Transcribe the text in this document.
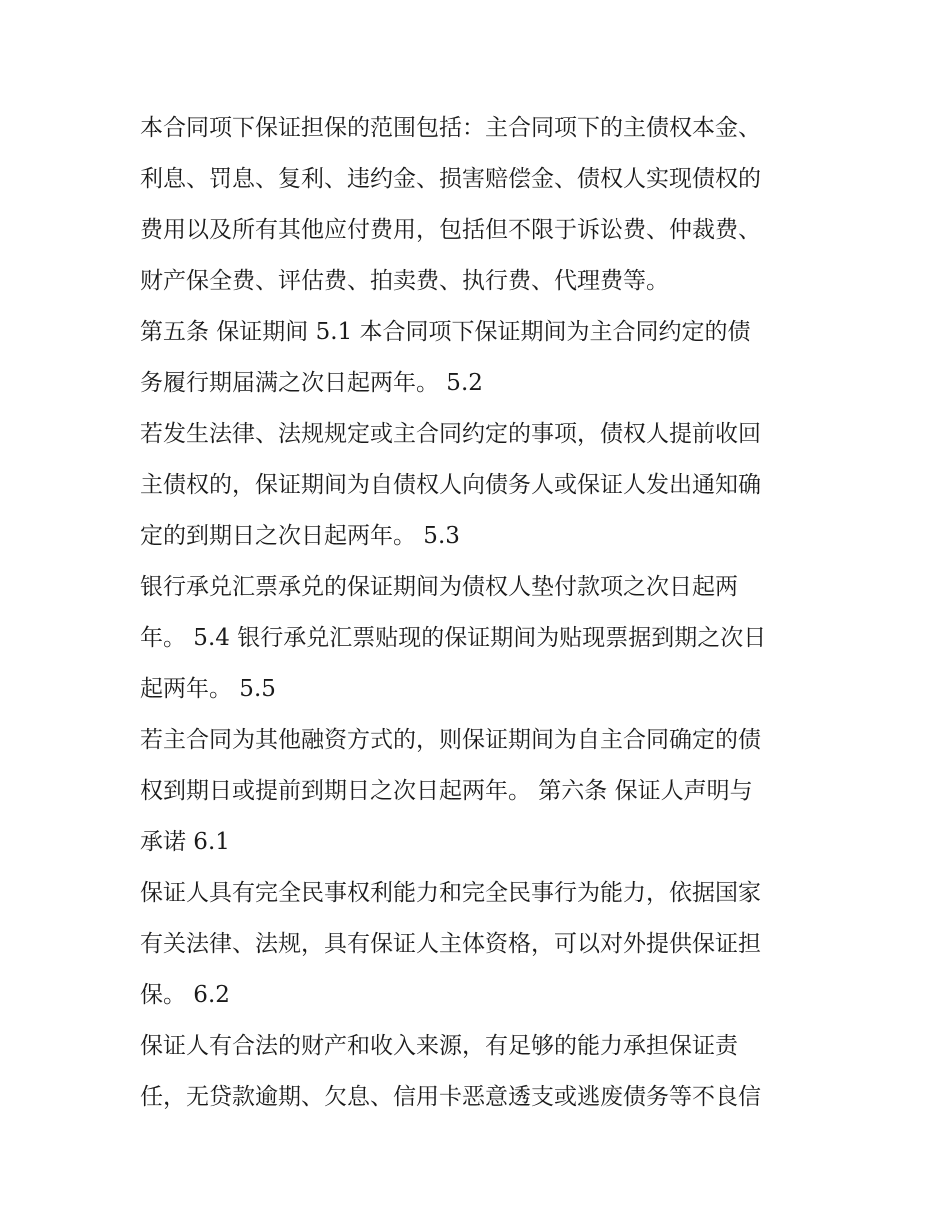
本合同项下保证担保的范围包括：主合同项下的主债权本金、
利息、罚息、复利、违约金、损害赔偿金、债权人实现债权的
费用以及所有其他应付费用，包括但不限于诉讼费、仲裁费、
财产保全费、评估费、拍卖费、执行费、代理费等。
第五条 保证期间 5.1 本合同项下保证期间为主合同约定的债
务履行期届满之次日起两年。 5.2
若发生法律、法规规定或主合同约定的事项，债权人提前收回
主债权的，保证期间为自债权人向债务人或保证人发出通知确
定的到期日之次日起两年。 5.3
银行承兑汇票承兑的保证期间为债权人垫付款项之次日起两
年。 5.4 银行承兑汇票贴现的保证期间为贴现票据到期之次日
起两年。 5.5
若主合同为其他融资方式的，则保证期间为自主合同确定的债
权到期日或提前到期日之次日起两年。 第六条 保证人声明与
承诺 6.1
保证人具有完全民事权利能力和完全民事行为能力，依据国家
有关法律、法规，具有保证人主体资格，可以对外提供保证担
保。 6.2
保证人有合法的财产和收入来源，有足够的能力承担保证责
任，无贷款逾期、欠息、信用卡恶意透支或逃废债务等不良信
